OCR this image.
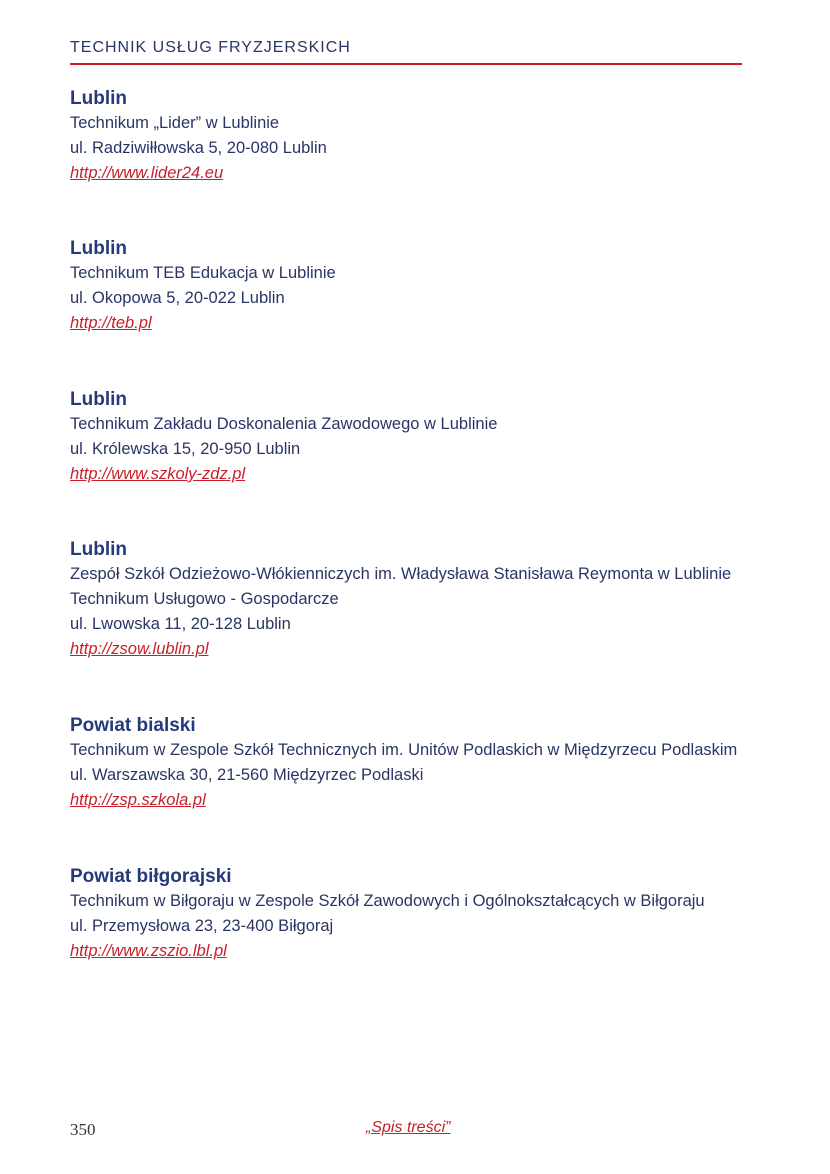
TECHNIK USŁUG FRYZJERSKICH
Lublin
Technikum „Lider” w Lublinie
ul. Radziwiłłowska 5, 20-080 Lublin
http://www.lider24.eu
Lublin
Technikum TEB Edukacja w Lublinie
ul. Okopowa 5, 20-022 Lublin
http://teb.pl
Lublin
Technikum Zakładu Doskonalenia Zawodowego w Lublinie
ul. Królewska 15, 20-950 Lublin
http://www.szkoly-zdz.pl
Lublin
Zespół Szkół Odzieżowo-Włókienniczych im. Władysława Stanisława Reymonta w Lublinie
Technikum Usługowo - Gospodarcze
ul. Lwowska 11, 20-128 Lublin
http://zsow.lublin.pl
Powiat bialski
Technikum w Zespole Szkół Technicznych im. Unitów Podlaskich w Międzyrzecu Podlaskim
ul. Warszawska 30, 21-560 Międzyrzec Podlaski
http://zsp.szkola.pl
Powiat biłgorajski
Technikum w Biłgoraju w Zespole Szkół Zawodowych i Ogólnokształcących w Biłgoraju
ul. Przemysłowa 23, 23-400 Biłgoraj
http://www.zszio.lbl.pl
350	„Spis treści”
